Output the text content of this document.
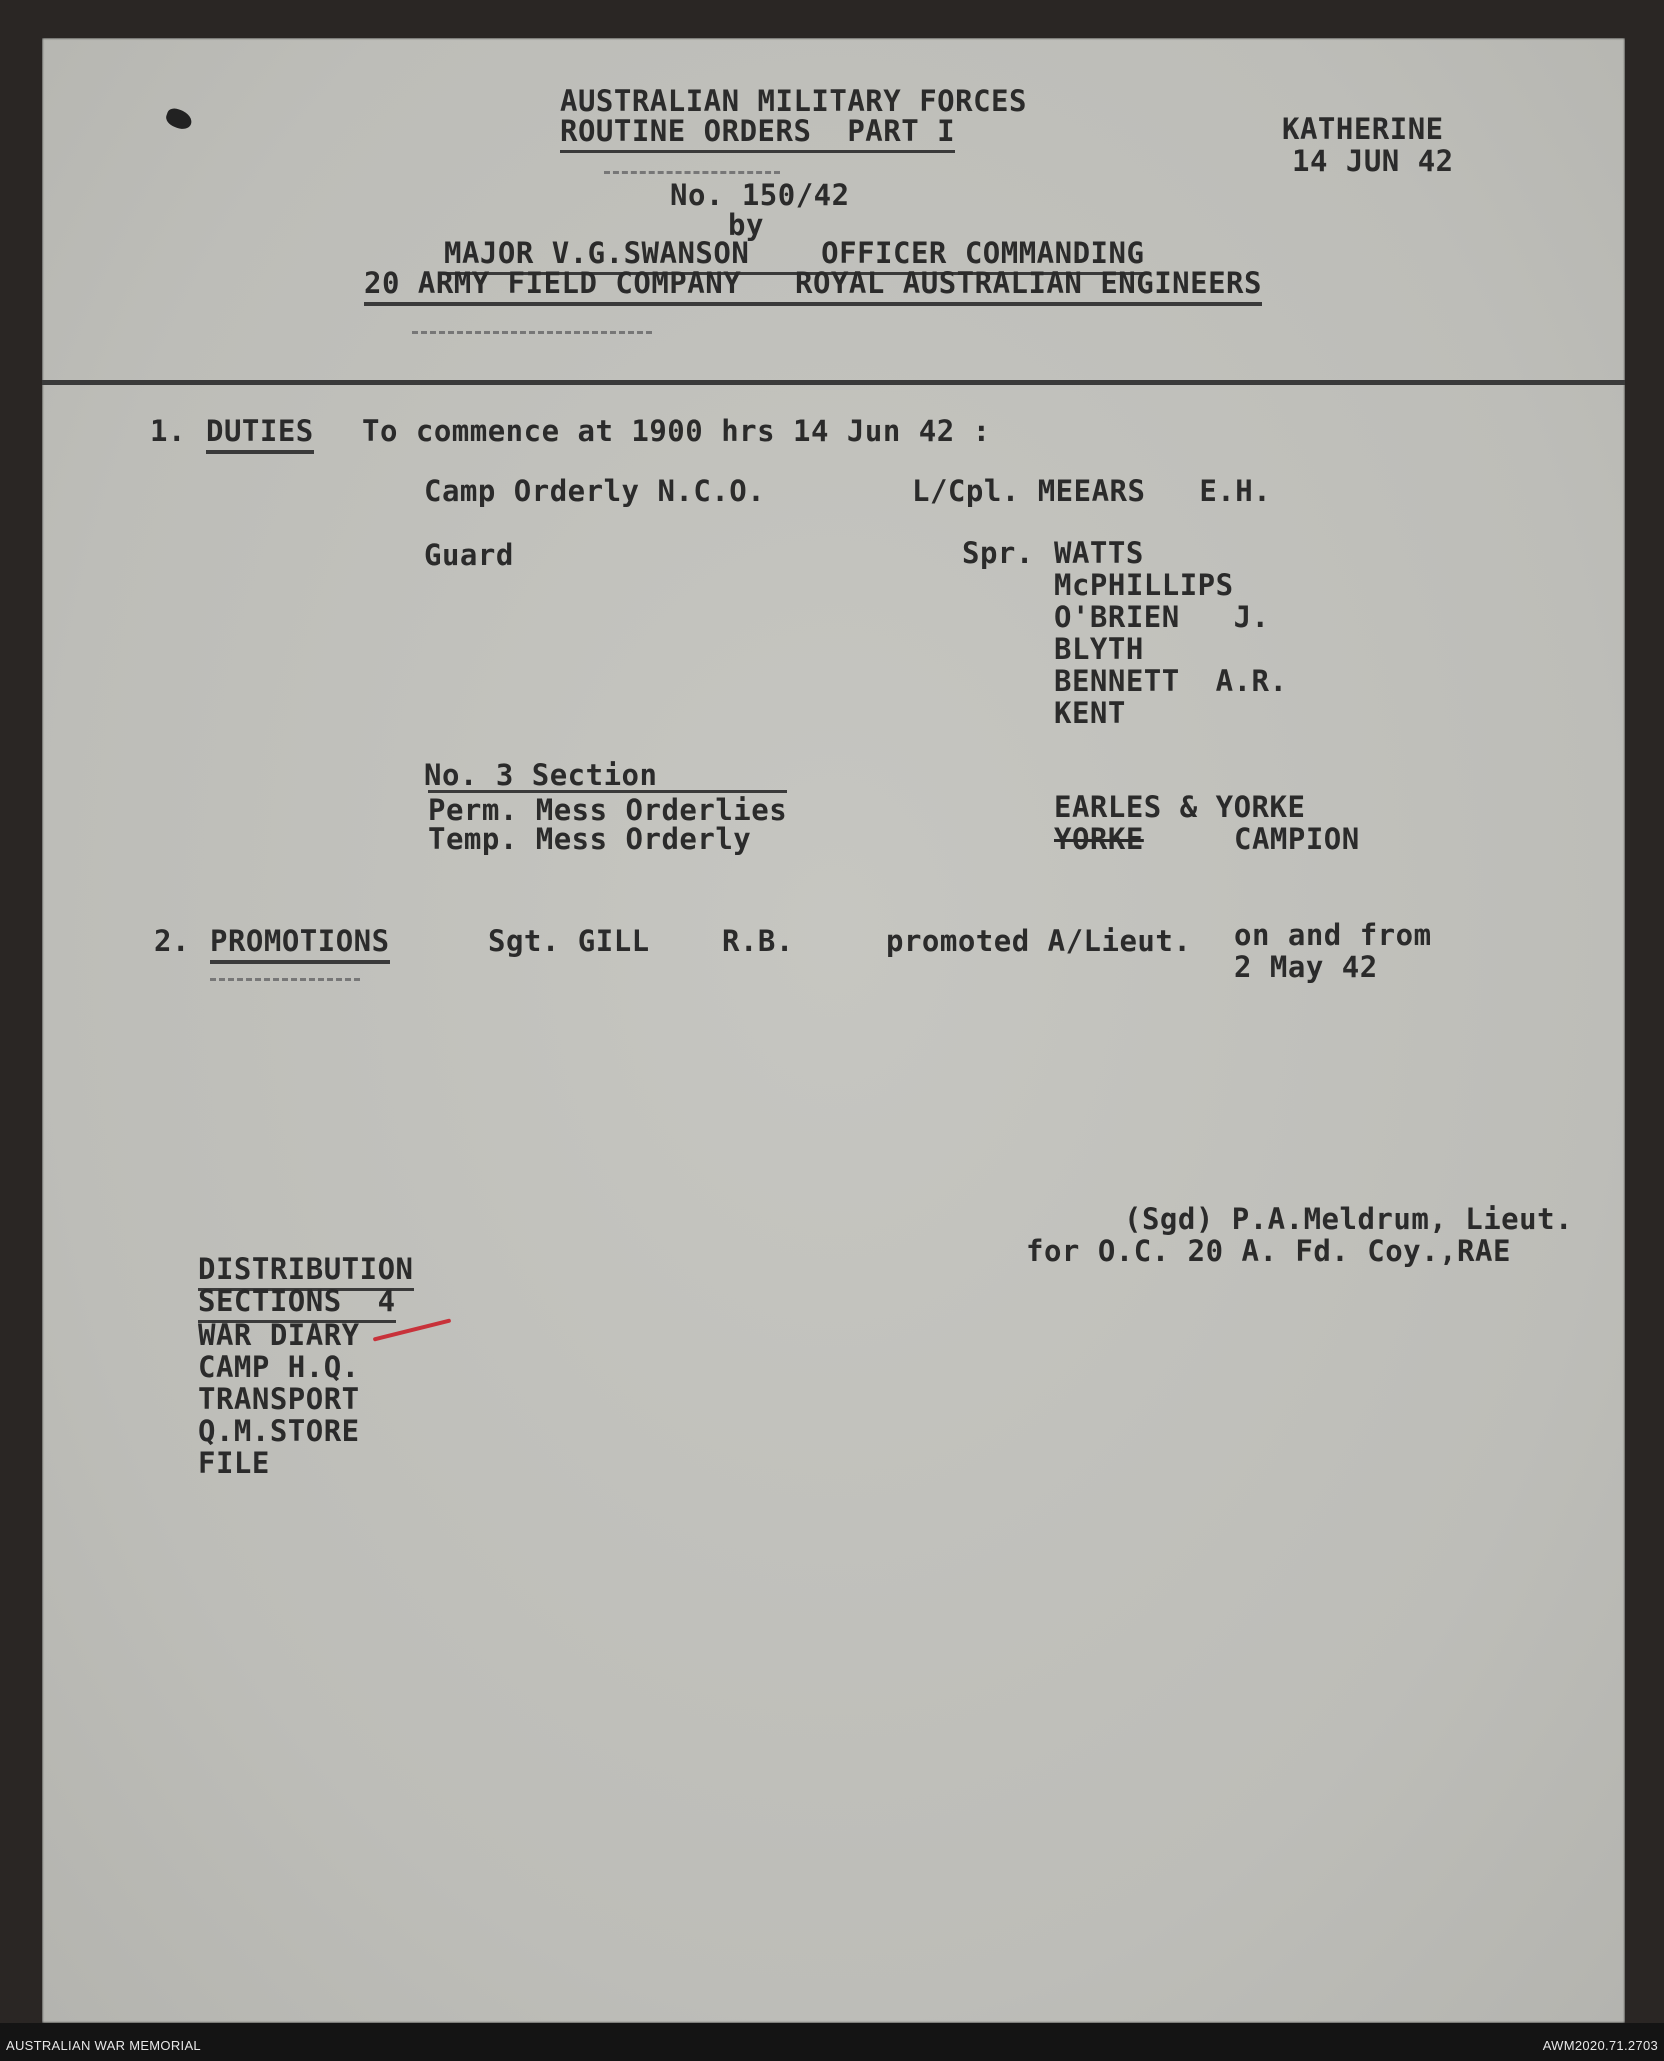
AUSTRALIAN MILITARY FORCES
ROUTINE ORDERS  PART I
No. 150/42
by
MAJOR V.G.SWANSON    OFFICER COMMANDING
20 ARMY FIELD COMPANY   ROYAL AUSTRALIAN ENGINEERS
KATHERINE
14 JUN 42
1. DUTIES To commence at 1900 hrs 14 Jun 42 :
Camp Orderly N.C.O.	L/Cpl. MEEARS   E.H.
Guard	Spr. WATTS
McPHILLIPS
O'BRIEN   J.
BLYTH
BENNETT  A.R.
KENT
No. 3 Section
Perm. Mess Orderlies	EARLES & YORKE
Temp. Mess Orderly	YORKE	CAMPION
2. PROMOTIONS	Sgt. GILL R.B.	promoted A/Lieut. on and from
2 May 42
(Sgd) P.A.Meldrum, Lieut.
for O.C. 20 A. Fd. Coy.,RAE
DISTRIBUTION
SECTIONS  4
WAR DIARY
CAMP H.Q.
TRANSPORT
Q.M.STORE
FILE
AUSTRALIAN WAR MEMORIAL	AWM2020.71.2703
